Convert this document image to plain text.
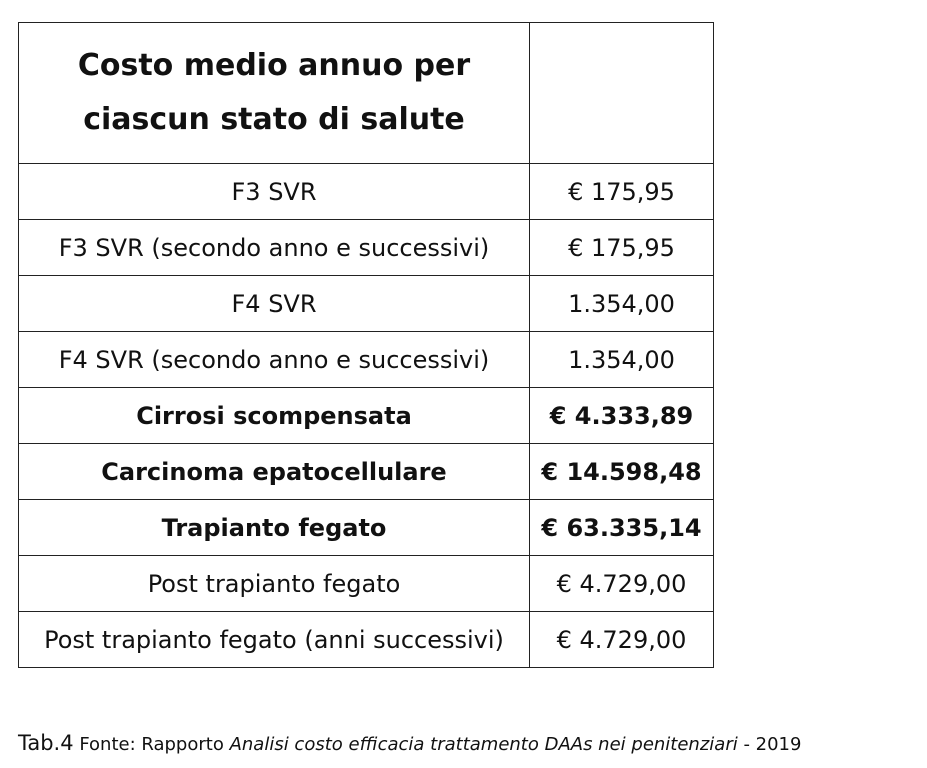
Costo medio annuo per ciascun stato di salute	

F3 SVR	€ 175,95
F3 SVR (secondo anno e successivi)	€ 175,95
F4 SVR	1.354,00
F4 SVR (secondo anno e successivi)	1.354,00
Cirrosi scompensata	€ 4.333,89
Carcinoma epatocellulare	€ 14.598,48
Trapianto fegato	€ 63.335,14
Post trapianto fegato	€ 4.729,00
Post trapianto fegato (anni successivi)	€ 4.729,00
Tab.4 Fonte: Rapporto Analisi costo efficacia trattamento DAAs nei penitenziari - 2019
